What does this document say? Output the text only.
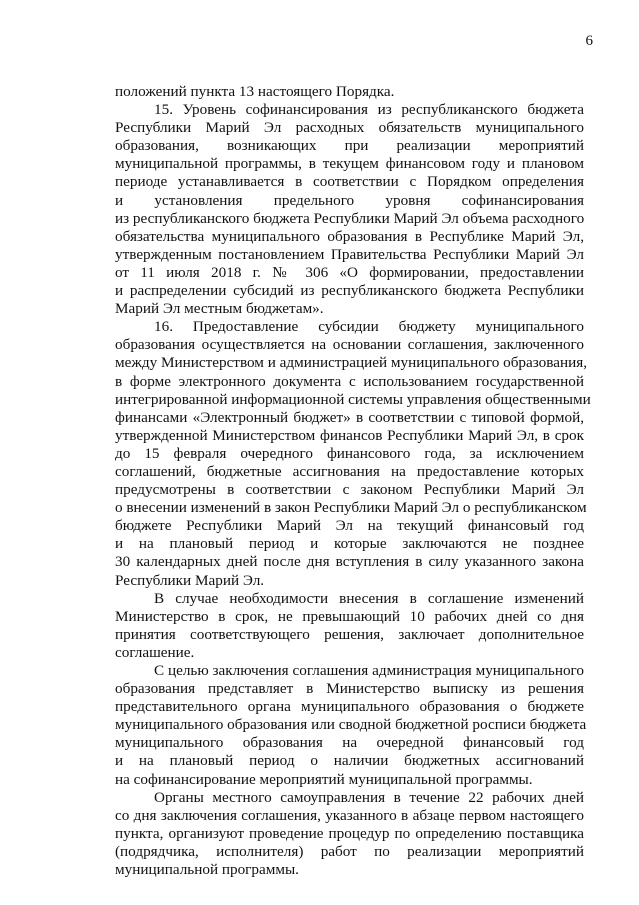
6
положений пункта 13 настоящего Порядка.
15. Уровень софинансирования из республиканского бюджета
Республики Марий Эл расходных обязательств муниципального
образования, возникающих при реализации мероприятий
муниципальной программы, в текущем финансовом году и плановом
периоде устанавливается в соответствии с Порядком определения
и установления предельного уровня софинансирования
из республиканского бюджета Республики Марий Эл объема расходного
обязательства муниципального образования в Республике Марий Эл,
утвержденным постановлением Правительства Республики Марий Эл
от 11 июля 2018 г. № 306 «О формировании, предоставлении
и распределении субсидий из республиканского бюджета Республики
Марий Эл местным бюджетам».
16. Предоставление субсидии бюджету муниципального
образования осуществляется на основании соглашения, заключенного
между Министерством и администрацией муниципального образования,
в форме электронного документа с использованием государственной
интегрированной информационной системы управления общественными
финансами «Электронный бюджет» в соответствии с типовой формой,
утвержденной Министерством финансов Республики Марий Эл, в срок
до 15 февраля очередного финансового года, за исключением
соглашений, бюджетные ассигнования на предоставление которых
предусмотрены в соответствии с законом Республики Марий Эл
о внесении изменений в закон Республики Марий Эл о республиканском
бюджете Республики Марий Эл на текущий финансовый год
и на плановый период и которые заключаются не позднее
30 календарных дней после дня вступления в силу указанного закона
Республики Марий Эл.
В случае необходимости внесения в соглашение изменений
Министерство в срок, не превышающий 10 рабочих дней со дня
принятия соответствующего решения, заключает дополнительное
соглашение.
С целью заключения соглашения администрация муниципального
образования представляет в Министерство выписку из решения
представительного органа муниципального образования о бюджете
муниципального образования или сводной бюджетной росписи бюджета
муниципального образования на очередной финансовый год
и на плановый период о наличии бюджетных ассигнований
на софинансирование мероприятий муниципальной программы.
Органы местного самоуправления в течение 22 рабочих дней
со дня заключения соглашения, указанного в абзаце первом настоящего
пункта, организуют проведение процедур по определению поставщика
(подрядчика, исполнителя) работ по реализации мероприятий
муниципальной программы.
